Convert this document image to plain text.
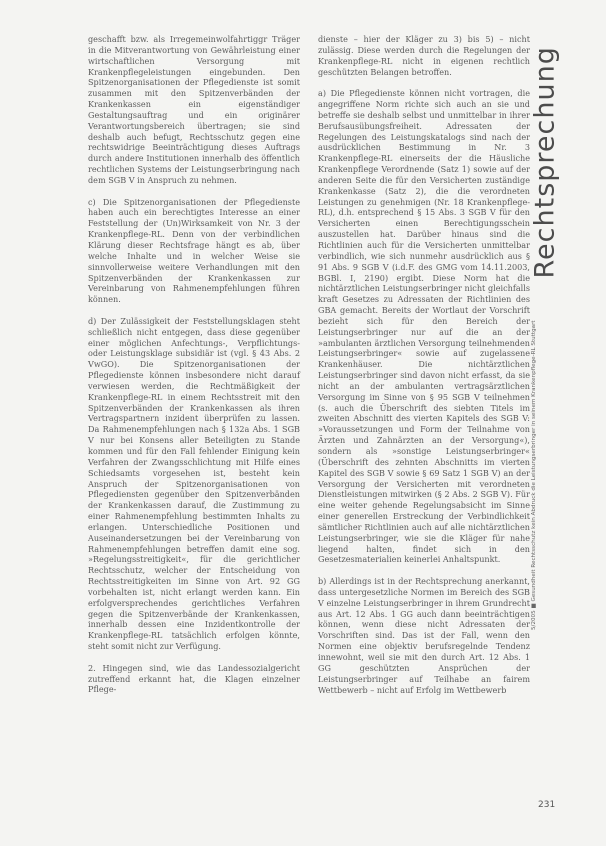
Rechtsprechung

geschafft bzw. als Irregemeinwolfahrtiggr Träger in die Mitverantwortung von Gewährleistung einer wirtschaftlichen Versorgung mit Krankenpflegeleistungen eingebunden. Den Spitzenorganisationen der Pflegedienste ist somit zusammen mit den Spitzenverbänden der Krankenkassen ein eigenständiger Gestaltungsauftrag und ein originärer Verantwortungsbereich übertragen; sie sind deshalb auch befugt, Rechtsschutz gegen eine rechtswidrige Beeinträchtigung dieses Auftrags durch andere Institutionen innerhalb des öffentlich rechtlichen Systems der Leistungserbringung nach dem SGB V in Anspruch zu nehmen.

c) Die Spitzenorganisationen der Pflegedienste haben auch ein berechtigtes Interesse an einer Feststellung der (Un)Wirksamkeit von Nr. 3 der Krankenpflege-RL. Denn von der verbindlichen Klärung dieser Rechtsfrage hängt es ab, über welche Inhalte und in welcher Weise sie sinnvollerweise weitere Verhandlungen mit den Spitzenverbänden der Krankenkassen zur Vereinbarung von Rahmenempfehlungen führen können.

d) Der Zulässigkeit der Feststellungsklagen steht schließlich nicht entgegen, dass diese gegenüber einer möglichen Anfechtungs-, Verpflichtungs- oder Leistungsklage subsidiär ist (vgl. § 43 Abs. 2 VwGO). Die Spitzenorganisationen der Pflegedienste können insbesondere nicht darauf verwiesen werden, die Rechtmäßigkeit der Krankenpflege-RL in einem Rechtsstreit mit den Spitzenverbänden der Krankenkassen als ihren Vertragspartnern inzident überprüfen zu lassen. Da Rahmenempfehlungen nach § 132a Abs. 1 SGB V nur bei Konsens aller Beteiligten zu Stande kommen und für den Fall fehlender Einigung kein Verfahren der Zwangsschlichtung mit Hilfe eines Schiedsamts vorgesehen ist, besteht kein Anspruch der Spitzenorganisationen von Pflegediensten gegenüber den Spitzenverbänden der Krankenkassen darauf, die Zustimmung zu einer Rahmenempfehlung bestimmten Inhalts zu erlangen. Unterschiedliche Positionen und Auseinandersetzungen bei der Vereinbarung von Rahmenempfehlungen betreffen damit eine sog. »Regelungsstreitigkeit«, für die gerichtlicher Rechtsschutz, welcher der Entscheidung von Rechtsstreitigkeiten im Sinne von Art. 92 GG vorbehalten ist, nicht erlangt werden kann. Ein erfolgversprechendes gerichtliches Verfahren gegen die Spitzenverbände der Krankenkassen, innerhalb dessen eine Inzidentkontrolle der Krankenpflege-RL tatsächlich erfolgen könnte, steht somit nicht zur Verfügung.

2. Hingegen sind, wie das Landessozialgericht zutreffend erkannt hat, die Klagen einzelner Pflege-

dienste – hier der Kläger zu 3) bis 5) – nicht zulässig. Diese werden durch die Regelungen der Krankenpflege-RL nicht in eigenen rechtlich geschützten Belangen betroffen.

a) Die Pflegedienste können nicht vortragen, die angegriffene Norm richte sich auch an sie und betreffe sie deshalb selbst und unmittelbar in ihrer Berufsausübungsfreiheit. Adressaten der Regelungen des Leistungskatalogs sind nach der ausdrücklichen Bestimmung in Nr. 3 Krankenpflege-RL einerseits der die Häusliche Krankenpflege Verordnende (Satz 1) sowie auf der anderen Seite die für den Versicherten zuständige Krankenkasse (Satz 2), die die verordneten Leistungen zu genehmigen (Nr. 18 Krankenpflege-RL), d.h. entsprechend § 15 Abs. 3 SGB V für den Versicherten einen Berechtigungsschein auszustellen hat. Darüber hinaus sind die Richtlinien auch für die Versicherten unmittelbar verbindlich, wie sich nunmehr ausdrücklich aus § 91 Abs. 9 SGB V (i.d.F. des GMG vom 14.11.2003, BGBl. I, 2190) ergibt. Diese Norm hat die nichtärztlichen Leistungserbringer nicht gleichfalls kraft Gesetzes zu Adressaten der Richtlinien des GBA gemacht. Bereits der Wortlaut der Vorschrift bezieht sich für den Bereich der Leistungserbringer nur auf die an der »ambulanten ärztlichen Versorgung teilnehmenden Leistungserbringer« sowie auf zugelassene Krankenhäuser. Die nichtärztlichen Leistungserbringer sind davon nicht erfasst, da sie nicht an der ambulanten vertragsärztlichen Versorgung im Sinne von § 95 SGB V teilnehmen (s. auch die Überschrift des siebten Titels im zweiten Abschnitt des vierten Kapitels des SGB V: »Voraussetzungen und Form der Teilnahme von Ärzten und Zahnärzten an der Versorgung«), sondern als »sonstige Leistungserbringer« (Überschrift des zehnten Abschnitts im vierten Kapitel des SGB V sowie § 69 Satz 1 SGB V) an der Versorgung der Versicherten mit verordneten Dienstleistungen mitwirken (§ 2 Abs. 2 SGB V). Für eine weiter gehende Regelungsabsicht im Sinne einer generellen Erstreckung der Verbindlichkeit sämtlicher Richtlinien auch auf alle nichtärztlichen Leistungserbringer, wie sie die Kläger für nahe liegend halten, findet sich in den Gesetzesmaterialien keinerlei Anhaltspunkt.

b) Allerdings ist in der Rechtsprechung anerkannt, dass untergesetzliche Normen im Bereich des SGB V einzelne Leistungserbringer in ihrem Grundrecht aus Art. 12 Abs. 1 GG auch dann beeinträchtigen können, wenn diese nicht Adressaten der Vorschriften sind. Das ist der Fall, wenn den Normen eine objektiv berufsregelnde Tendenz innewohnt, weil sie mit den durch Art. 12 Abs. 1 GG geschützten Ansprüchen der Leistungserbringer auf Teilhabe an fairem Wettbewerb – nicht auf Erfolg im Wettbewerb

5/2005 ■ Gesundheit Rechtsschutz kein Abdruck die Leistungserbringer in seinem Krankenpflege-RL Stuttgart
231
